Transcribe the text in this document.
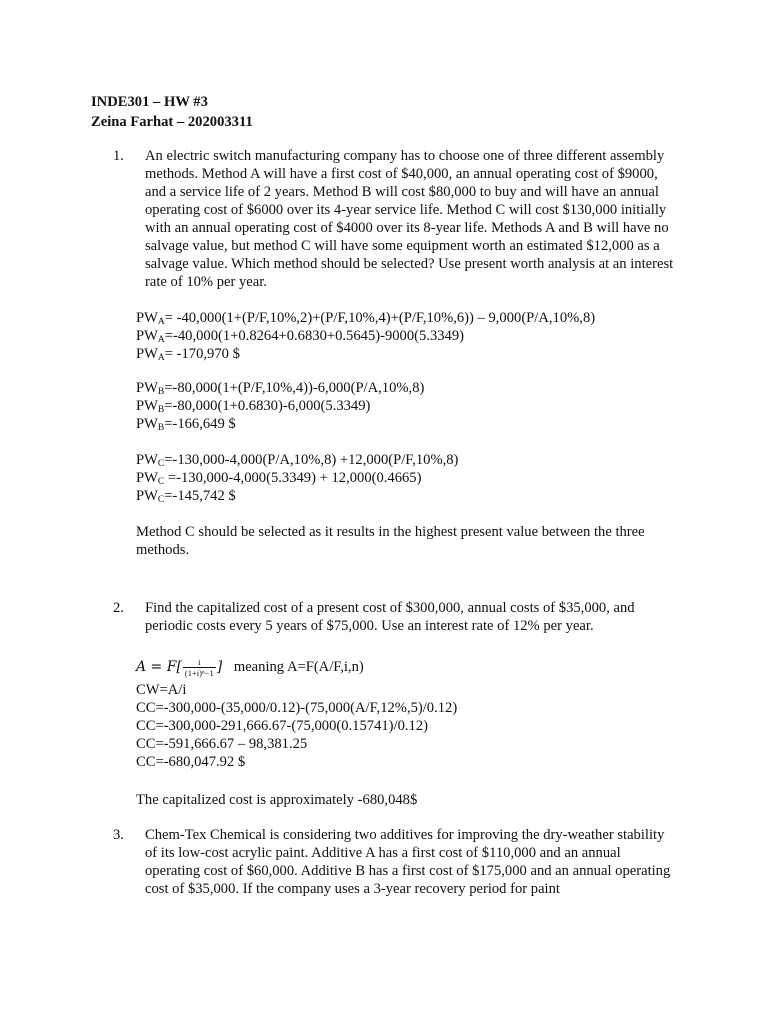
INDE301 – HW #3
Zeina Farhat – 202003311
1. An electric switch manufacturing company has to choose one of three different assembly methods. Method A will have a first cost of $40,000, an annual operating cost of $9000, and a service life of 2 years. Method B will cost $80,000 to buy and will have an annual operating cost of $6000 over its 4-year service life. Method C will cost $130,000 initially with an annual operating cost of $4000 over its 8-year life. Methods A and B will have no salvage value, but method C will have some equipment worth an estimated $12,000 as a salvage value. Which method should be selected? Use present worth analysis at an interest rate of 10% per year.
$PW_A= -40,000(1+(P/F,10\%,2)+(P/F,10\%,4)+(P/F,10\%,6)) - 9,000(P/A,10\%,8)$
$PW_A=-40,000(1+0.8264+0.6830+0.5645)-9000(5.3349)$
$PW_A= -170,970$ $
$PW_B=-80,000(1+(P/F,10\%,4))-6,000(P/A,10\%,8)$
$PW_B=-80,000(1+0.6830)-6,000(5.3349)$
$PW_B=-166,649$ $
$PW_C=-130,000-4,000(P/A,10\%,8) +12,000(P/F,10\%,8)$
$PW_C =-130,000-4,000(5.3349) + 12,000(0.4665)$
$PW_C=-145,742$ $
Method C should be selected as it results in the highest present value between the three methods.
2. Find the capitalized cost of a present cost of $300,000, annual costs of $35,000, and periodic costs every 5 years of $75,000. Use an interest rate of 12% per year.
$A = F[ \frac{i}{\text{(1+i)ⁿ−1}}$ ] meaning A=F(A/F,i,n)
CW=A/i
CC=-300,000-(35,000/0.12)-(75,000(A/F,12%,5)/0.12)
CC=-300,000-291,666.67-(75,000(0.15741)/0.12)
CC=-591,666.67 – 98,381.25
CC=-680,047.92 $
The capitalized cost is approximately -680,048$
3. Chem-Tex Chemical is considering two additives for improving the dry-weather stability of its low-cost acrylic paint. Additive A has a first cost of $110,000 and an annual operating cost of $60,000. Additive B has a first cost of $175,000 and an annual operating cost of $35,000. If the company uses a 3-year recovery period for paint
